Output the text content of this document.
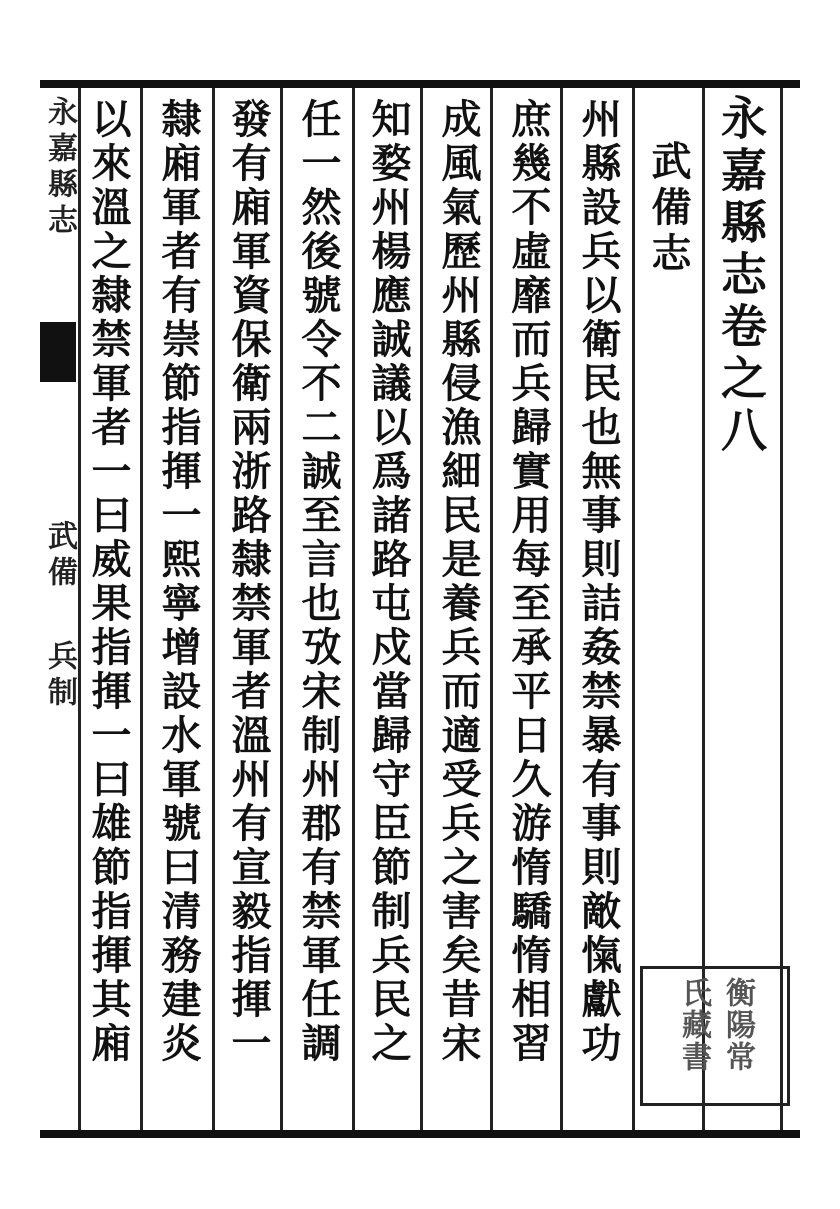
永嘉縣志
武備
兵制
永嘉縣志卷之八
武備志
州縣設兵以衛民也無事則詰姦禁暴有事則敵愾獻功
庶幾不虛靡而兵歸實用每至承平日久游惰驕惰相習
成風氣歷州縣侵漁細民是養兵而適受兵之害矣昔宋
知婺州楊應誠議以爲諸路屯戍當歸守臣節制兵民之
任一然後號令不二誠至言也攷宋制州郡有禁軍任調
發有廂軍資保衛兩浙路隸禁軍者溫州有宣毅指揮一
隸廂軍者有崇節指揮一熙寧增設水軍號曰清務建炎
以來溫之隸禁軍者一曰威果指揮一曰雄節指揮其廂	衡陽常氏藏書
